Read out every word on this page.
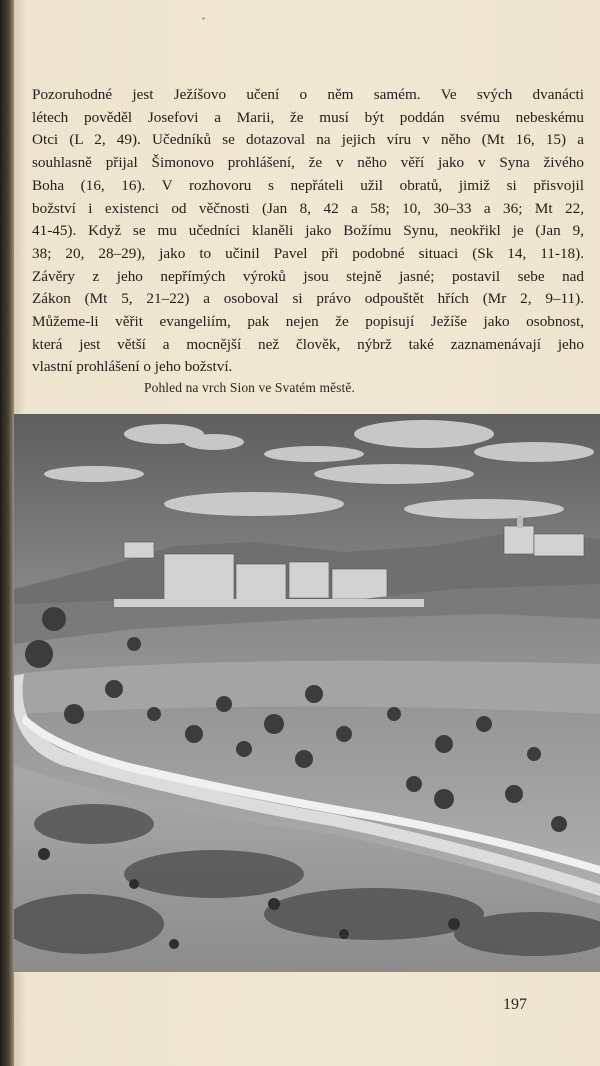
h
n
o
d
e
a
u
r
s
d
n
e
u
t
d
r
o
e
n
a
ˇ

Pozoruhodné jest Ježíšovo učení o něm samém. Ve svých dvanácti
létech pověděl Josefovi a Marii, že musí být poddán svému nebeskému
Otci (L 2, 49). Učedníků se dotazoval na jejich víru v něho (Mt 16, 15) a
souhlasně přijal Šimonovo prohlášení, že v něho věří jako v Syna živého
Boha (16, 16). V rozhovoru s nepřáteli užil obratů, jimiž si přisvojil
božství i existenci od věčnosti (Jan 8, 42 a 58; 10, 30–33 a 36; Mt 22,
41-45). Když se mu učedníci klaněli jako Božímu Synu, neokřikl je (Jan 9,
38; 20, 28–29), jako to učinil Pavel při podobné situaci (Sk 14, 11-18).
Závěry z jeho nepřímých výroků jsou stejně jasné; postavil sebe nad
Zákon (Mt 5, 21–22) a osoboval si právo odpouštět hřích (Mr 2, 9–11).
Můžeme-li věřit evangeliím, pak nejen že popisují Ježíše jako osobnost,
která jest větší a mocnější než člověk, nýbrž také zaznamenávají jeho
vlastní prohlášení o jeho božství.

Pohled na vrch Sion ve Svatém městě.
197
